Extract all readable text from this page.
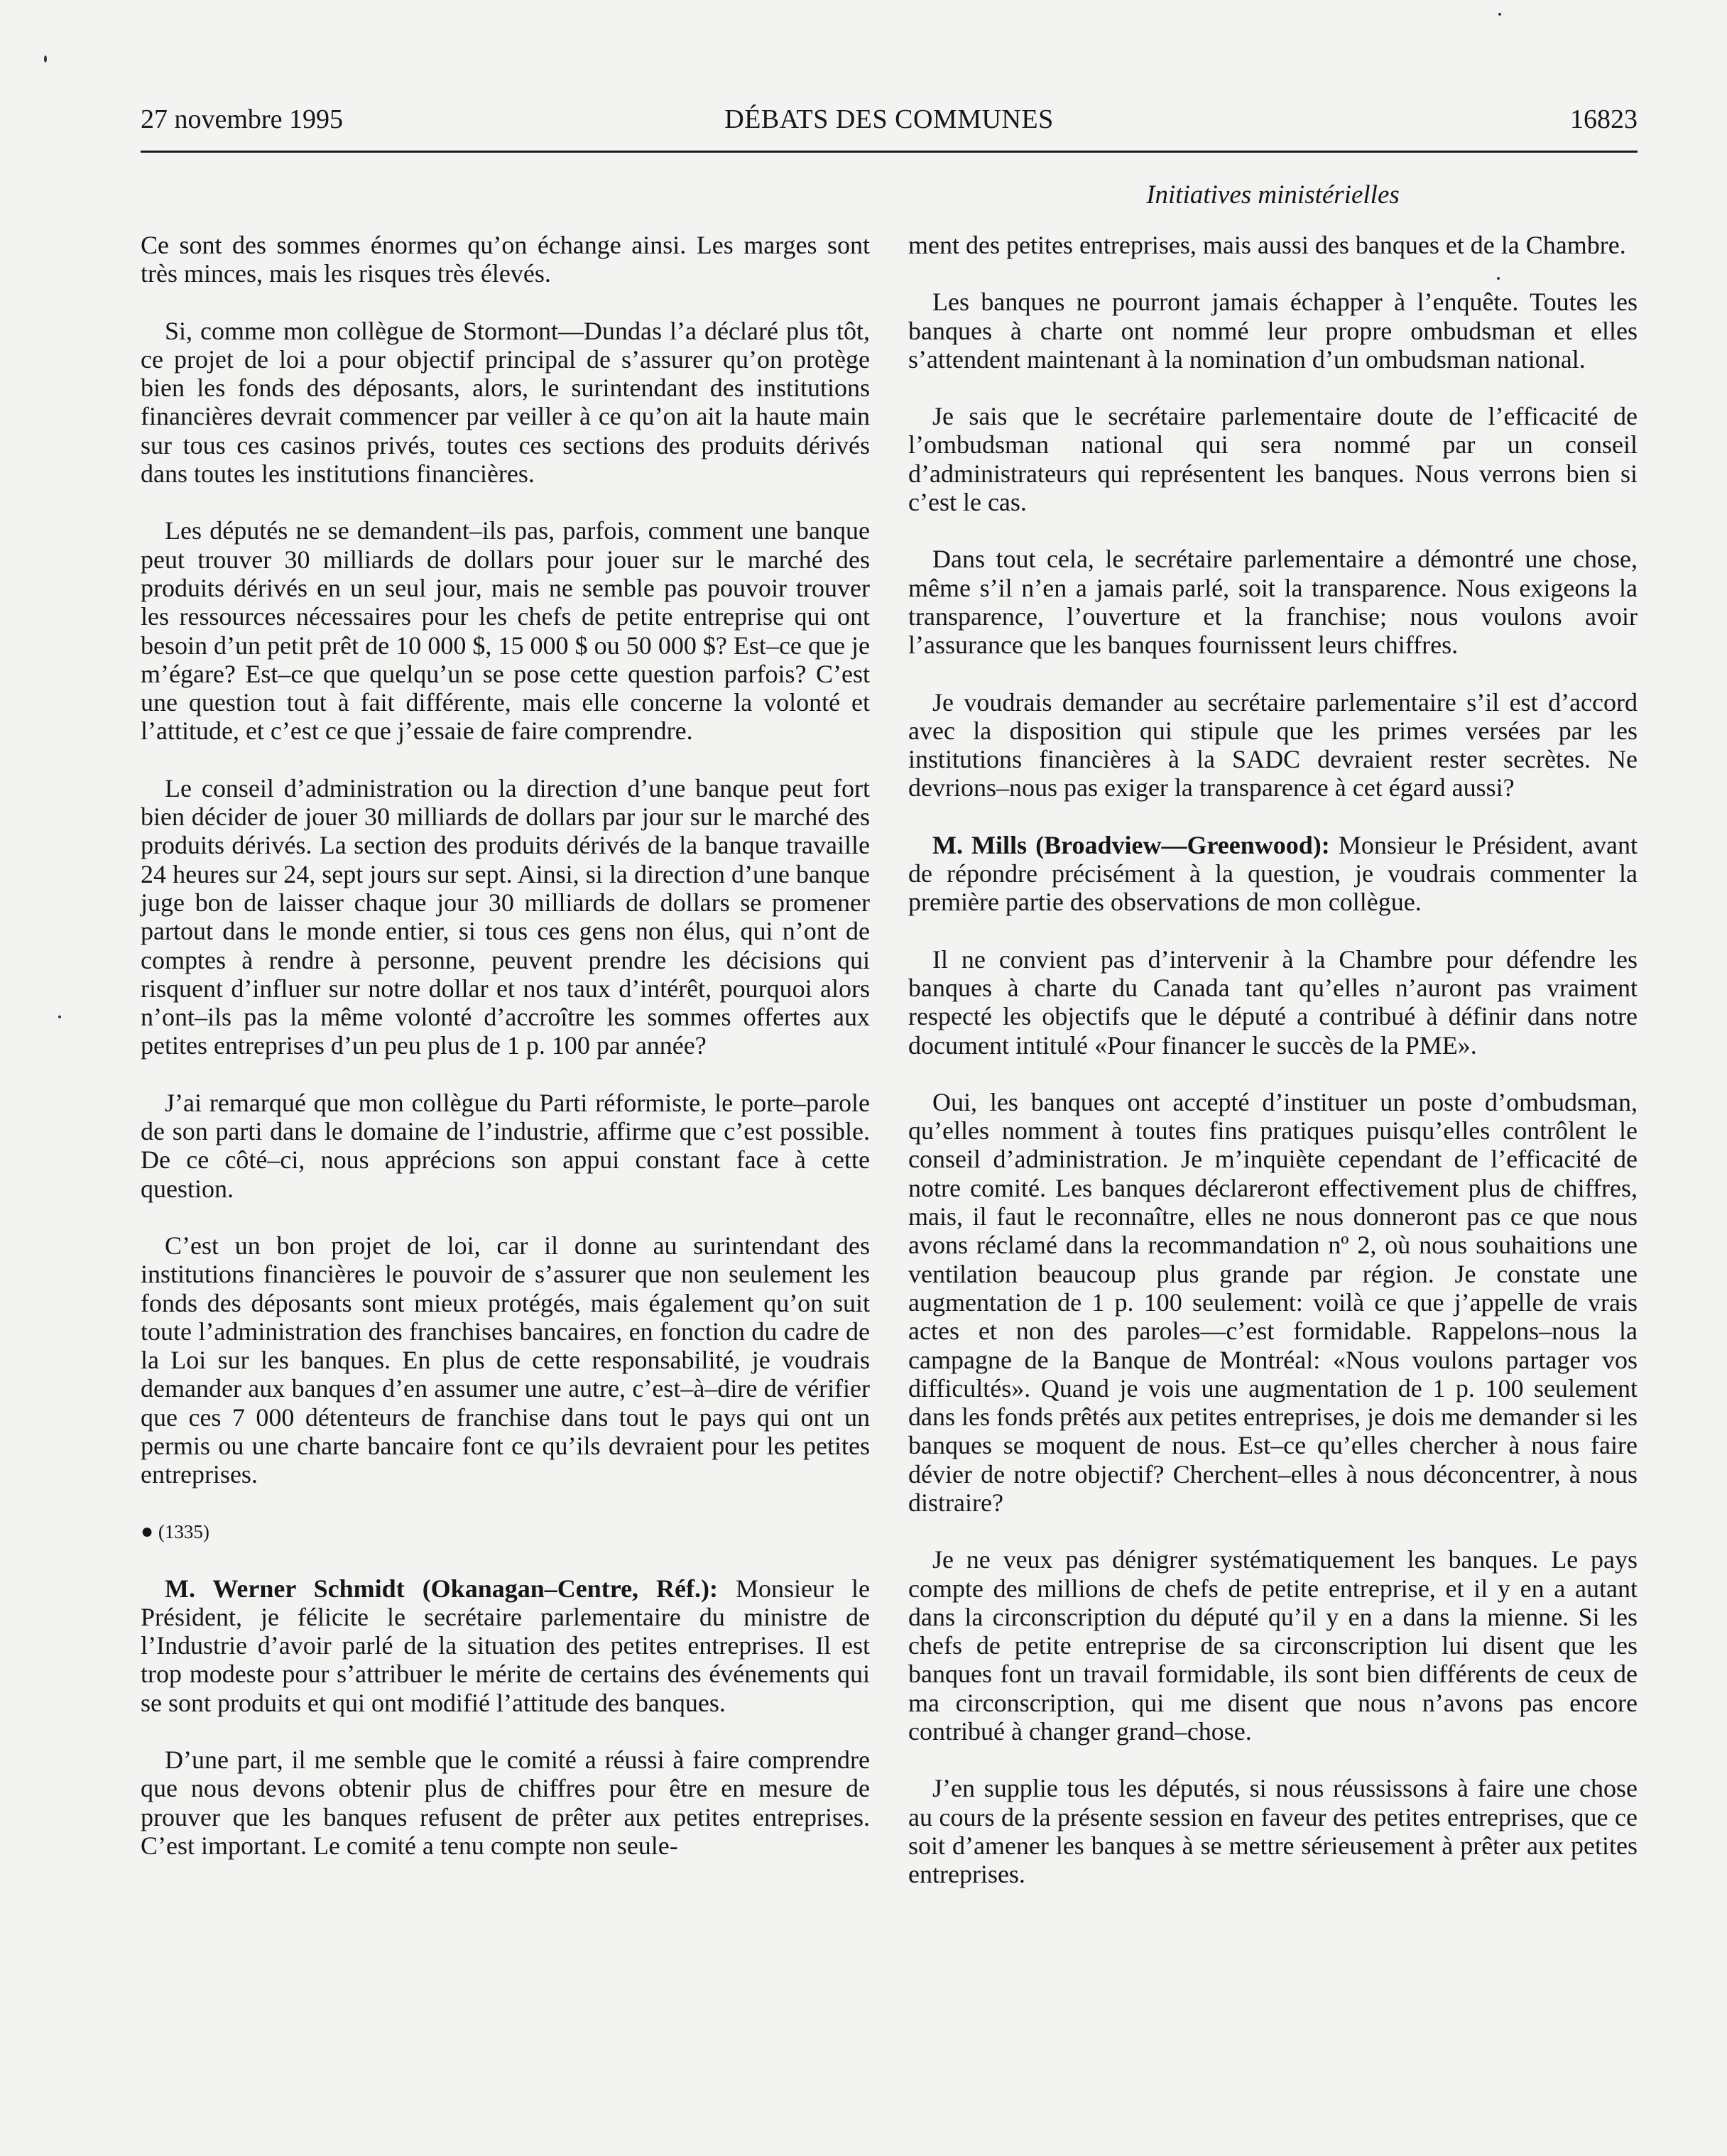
27 novembre 1995	DÉBATS DES COMMUNES	16823
Initiatives ministérielles

Ce sont des sommes énormes qu’on échange ainsi. Les marges sont très minces, mais les risques très élevés.

Si, comme mon collègue de Stormont—Dundas l’a déclaré plus tôt, ce projet de loi a pour objectif principal de s’assurer qu’on protège bien les fonds des déposants, alors, le surintendant des institutions financières devrait commencer par veiller à ce qu’on ait la haute main sur tous ces casinos privés, toutes ces sections des produits dérivés dans toutes les institutions financières.

Les députés ne se demandent–ils pas, parfois, comment une banque peut trouver 30 milliards de dollars pour jouer sur le marché des produits dérivés en un seul jour, mais ne semble pas pouvoir trouver les ressources nécessaires pour les chefs de petite entreprise qui ont besoin d’un petit prêt de 10 000 $, 15 000 $ ou 50 000 $? Est–ce que je m’égare? Est–ce que quelqu’un se pose cette question parfois? C’est une question tout à fait différente, mais elle concerne la volonté et l’attitude, et c’est ce que j’essaie de faire comprendre.

Le conseil d’administration ou la direction d’une banque peut fort bien décider de jouer 30 milliards de dollars par jour sur le marché des produits dérivés. La section des produits dérivés de la banque travaille 24 heures sur 24, sept jours sur sept. Ainsi, si la direction d’une banque juge bon de laisser chaque jour 30 milliards de dollars se promener partout dans le monde entier, si tous ces gens non élus, qui n’ont de comptes à rendre à personne, peuvent prendre les décisions qui risquent d’influer sur notre dollar et nos taux d’intérêt, pourquoi alors n’ont–ils pas la même volonté d’accroître les sommes offertes aux petites entreprises d’un peu plus de 1 p. 100 par année?

J’ai remarqué que mon collègue du Parti réformiste, le porte–parole de son parti dans le domaine de l’industrie, affirme que c’est possible. De ce côté–ci, nous apprécions son appui constant face à cette question.

C’est un bon projet de loi, car il donne au surintendant des institutions financières le pouvoir de s’assurer que non seulement les fonds des déposants sont mieux protégés, mais également qu’on suit toute l’administration des franchises bancaires, en fonction du cadre de la Loi sur les banques. En plus de cette responsabilité, je voudrais demander aux banques d’en assumer une autre, c’est–à–dire de vérifier que ces 7 000 détenteurs de franchise dans tout le pays qui ont un permis ou une charte bancaire font ce qu’ils devraient pour les petites entreprises.

● (1335)

M. Werner Schmidt (Okanagan–Centre, Réf.): Monsieur le Président, je félicite le secrétaire parlementaire du ministre de l’Industrie d’avoir parlé de la situation des petites entreprises. Il est trop modeste pour s’attribuer le mérite de certains des événements qui se sont produits et qui ont modifié l’attitude des banques.

D’une part, il me semble que le comité a réussi à faire comprendre que nous devons obtenir plus de chiffres pour être en mesure de prouver que les banques refusent de prêter aux petites entreprises. C’est important. Le comité a tenu compte non seule-

ment des petites entreprises, mais aussi des banques et de la Chambre.

Les banques ne pourront jamais échapper à l’enquête. Toutes les banques à charte ont nommé leur propre ombudsman et elles s’attendent maintenant à la nomination d’un ombudsman national.

Je sais que le secrétaire parlementaire doute de l’efficacité de l’ombudsman national qui sera nommé par un conseil d’administrateurs qui représentent les banques. Nous verrons bien si c’est le cas.

Dans tout cela, le secrétaire parlementaire a démontré une chose, même s’il n’en a jamais parlé, soit la transparence. Nous exigeons la transparence, l’ouverture et la franchise; nous voulons avoir l’assurance que les banques fournissent leurs chiffres.

Je voudrais demander au secrétaire parlementaire s’il est d’accord avec la disposition qui stipule que les primes versées par les institutions financières à la SADC devraient rester secrètes. Ne devrions–nous pas exiger la transparence à cet égard aussi?

M. Mills (Broadview—Greenwood): Monsieur le Président, avant de répondre précisément à la question, je voudrais commenter la première partie des observations de mon collègue.

Il ne convient pas d’intervenir à la Chambre pour défendre les banques à charte du Canada tant qu’elles n’auront pas vraiment respecté les objectifs que le député a contribué à définir dans notre document intitulé «Pour financer le succès de la PME».

Oui, les banques ont accepté d’instituer un poste d’ombudsman, qu’elles nomment à toutes fins pratiques puisqu’elles contrôlent le conseil d’administration. Je m’inquiète cependant de l’efficacité de notre comité. Les banques déclareront effectivement plus de chiffres, mais, il faut le reconnaître, elles ne nous donneront pas ce que nous avons réclamé dans la recommandation nº 2, où nous souhaitions une ventilation beaucoup plus grande par région. Je constate une augmentation de 1 p. 100 seulement: voilà ce que j’appelle de vrais actes et non des paroles—c’est formidable. Rappelons–nous la campagne de la Banque de Montréal: «Nous voulons partager vos difficultés». Quand je vois une augmentation de 1 p. 100 seulement dans les fonds prêtés aux petites entreprises, je dois me demander si les banques se moquent de nous. Est–ce qu’elles chercher à nous faire dévier de notre objectif? Cherchent–elles à nous déconcentrer, à nous distraire?

Je ne veux pas dénigrer systématiquement les banques. Le pays compte des millions de chefs de petite entreprise, et il y en a autant dans la circonscription du député qu’il y en a dans la mienne. Si les chefs de petite entreprise de sa circonscription lui disent que les banques font un travail formidable, ils sont bien différents de ceux de ma circonscription, qui me disent que nous n’avons pas encore contribué à changer grand–chose.

J’en supplie tous les députés, si nous réussissons à faire une chose au cours de la présente session en faveur des petites entreprises, que ce soit d’amener les banques à se mettre sérieusement à prêter aux petites entreprises.
